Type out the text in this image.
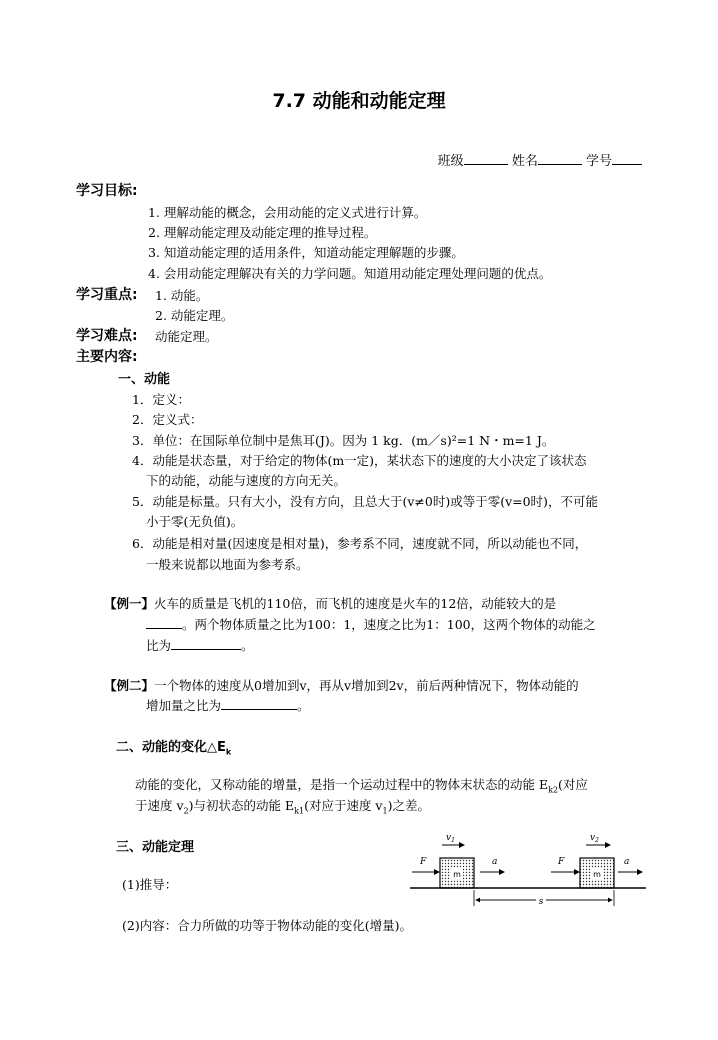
7.7 动能和动能定理
班级	姓名	学号
学习目标:
1. 理解动能的概念，会用动能的定义式进行计算。
2. 理解动能定理及动能定理的推导过程。
3. 知道动能定理的适用条件，知道动能定理解题的步骤。
4. 会用动能定理解决有关的力学问题。知道用动能定理处理问题的优点。
学习重点: 1. 动能。
2. 动能定理。
学习难点: 动能定理。
主要内容:
一、动能
1．定义：
2．定义式：
3．单位：在国际单位制中是焦耳(J)。因为 1 kg．(m／s)²=1 N・m=1 J。
4．动能是状态量，对于给定的物体(m一定)，某状态下的速度的大小决定了该状态
下的动能，动能与速度的方向无关。
5．动能是标量。只有大小，没有方向，且总大于(v≠0时)或等于零(v=0时)，不可能
小于零(无负值)。
6．动能是相对量(因速度是相对量)，参考系不同，速度就不同，所以动能也不同，
一般来说都以地面为参考系。
【例一】火车的质量是飞机的110倍，而飞机的速度是火车的12倍，动能较大的是
。两个物体质量之比为100：1，速度之比为1：100，这两个物体的动能之
比为	。
【例二】一个物体的速度从0增加到v，再从v增加到2v，前后两种情况下，物体动能的
增加量之比为	。
二、动能的变化$\triangle E_k$
动能的变化，又称动能的增量，是指一个运动过程中的物体末状态的动能 $E_{k2}$(对应
于速度 $v_2$)与初状态的动能 $E_{k1}$(对应于速度 $v_1$)之差。
三、动能定理
(1)推导：
(2)内容：合力所做的功等于物体动能的变化(增量)。
m	m
$v_1$	$v_2$
F	F
a	a
s
